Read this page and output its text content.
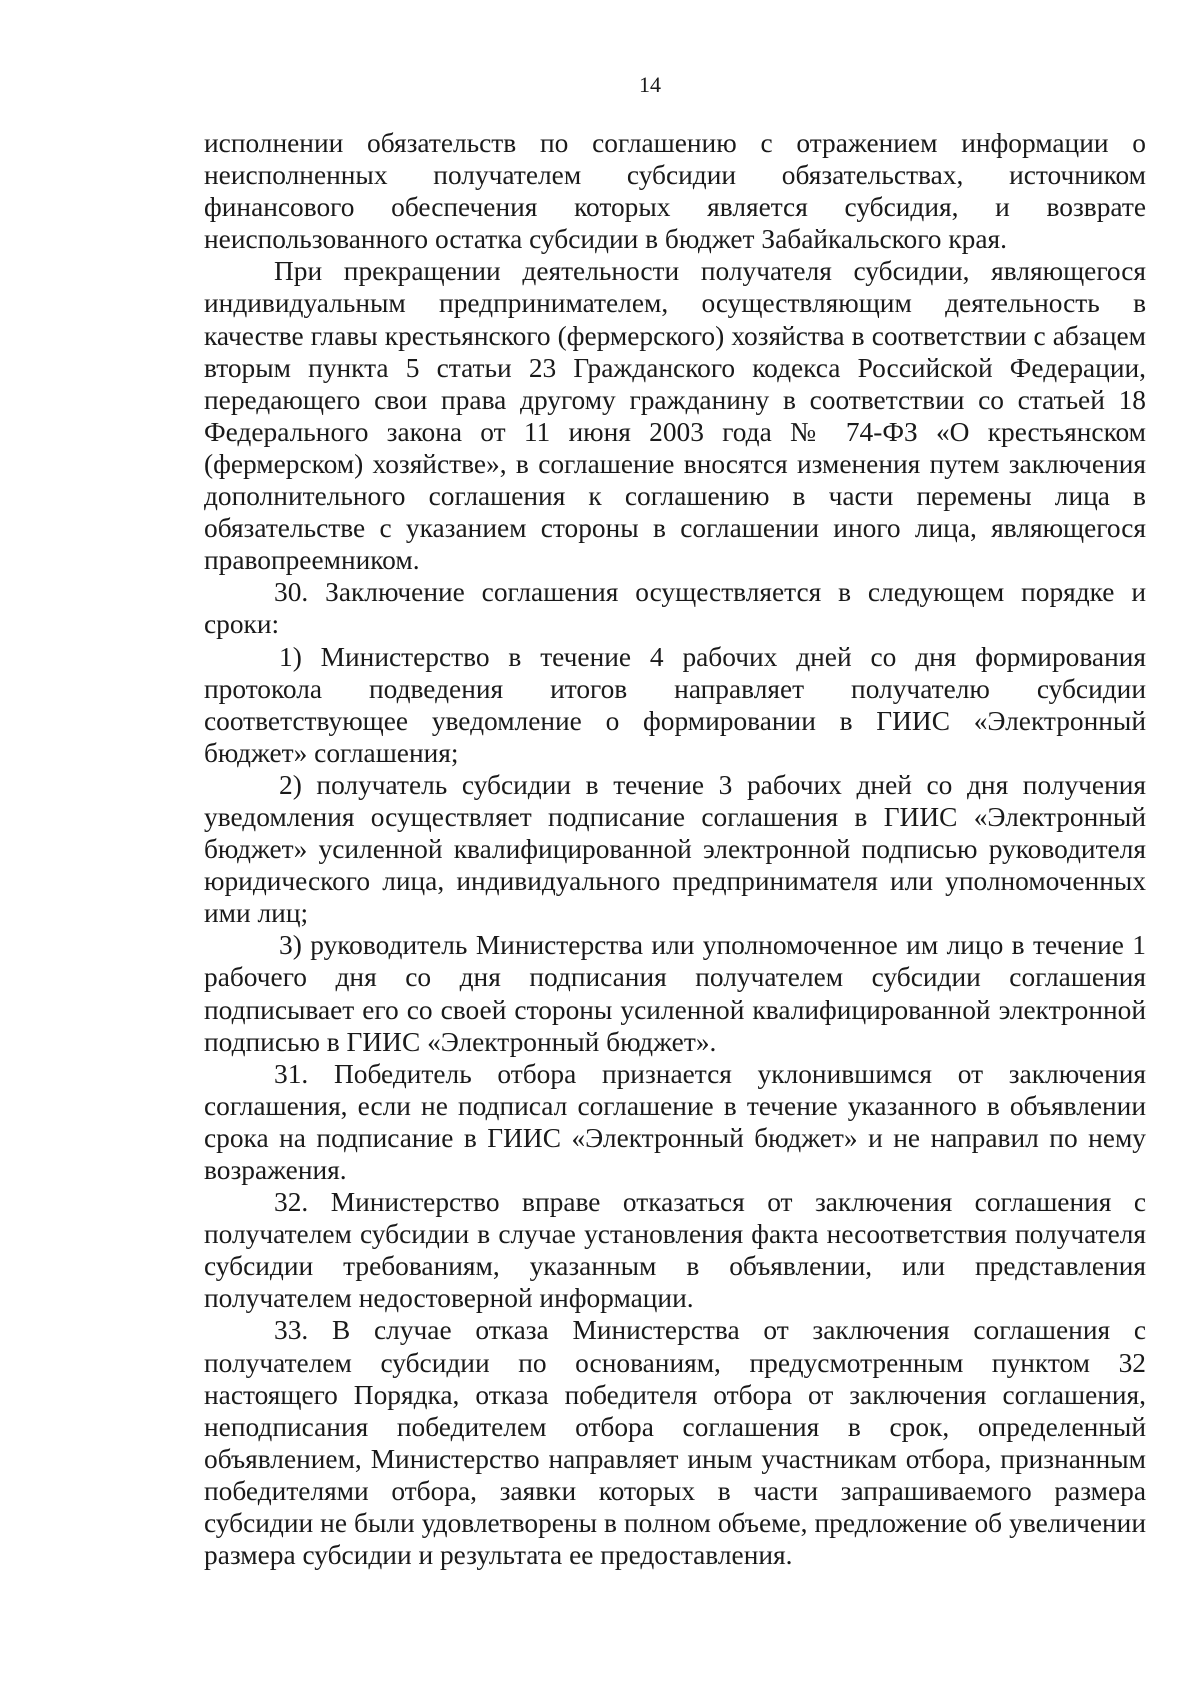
14

исполнении обязательств по соглашению с отражением информации о неисполненных получателем субсидии обязательствах, источником финансового обеспечения которых является субсидия, и возврате неиспользованного остатка субсидии в бюджет Забайкальского края.

При прекращении деятельности получателя субсидии, являющегося индивидуальным предпринимателем, осуществляющим деятельность в качестве главы крестьянского (фермерского) хозяйства в соответствии с абзацем вторым пункта 5 статьи 23 Гражданского кодекса Российской Федерации, передающего свои права другому гражданину в соответствии со статьей 18 Федерального закона от 11 июня 2003 года № 74-ФЗ «О крестьянском (фермерском) хозяйстве», в соглашение вносятся изменения путем заключения дополнительного соглашения к соглашению в части перемены лица в обязательстве с указанием стороны в соглашении иного лица, являющегося правопреемником.

30. Заключение соглашения осуществляется в следующем порядке и сроки:

1) Министерство в течение 4 рабочих дней со дня формирования протокола подведения итогов направляет получателю субсидии соответствующее уведомление о формировании в ГИИС «Электронный бюджет» соглашения;

2) получатель субсидии в течение 3 рабочих дней со дня получения уведомления осуществляет подписание соглашения в ГИИС «Электронный бюджет» усиленной квалифицированной электронной подписью руководителя юридического лица, индивидуального предпринимателя или уполномоченных ими лиц;

3) руководитель Министерства или уполномоченное им лицо в течение 1 рабочего дня со дня подписания получателем субсидии соглашения подписывает его со своей стороны усиленной квалифицированной электронной подписью в ГИИС «Электронный бюджет».

31. Победитель отбора признается уклонившимся от заключения соглашения, если не подписал соглашение в течение указанного в объявлении срока на подписание в ГИИС «Электронный бюджет» и не направил по нему возражения.

32. Министерство вправе отказаться от заключения соглашения с получателем субсидии в случае установления факта несоответствия получателя субсидии требованиям, указанным в объявлении, или представления получателем недостоверной информации.

33. В случае отказа Министерства от заключения соглашения с получателем субсидии по основаниям, предусмотренным пунктом 32 настоящего Порядка, отказа победителя отбора от заключения соглашения, неподписания победителем отбора соглашения в срок, определенный объявлением, Министерство направляет иным участникам отбора, признанным победителями отбора, заявки которых в части запрашиваемого размера субсидии не были удовлетворены в полном объеме, предложение об увеличении размера субсидии и результата ее предоставления.
